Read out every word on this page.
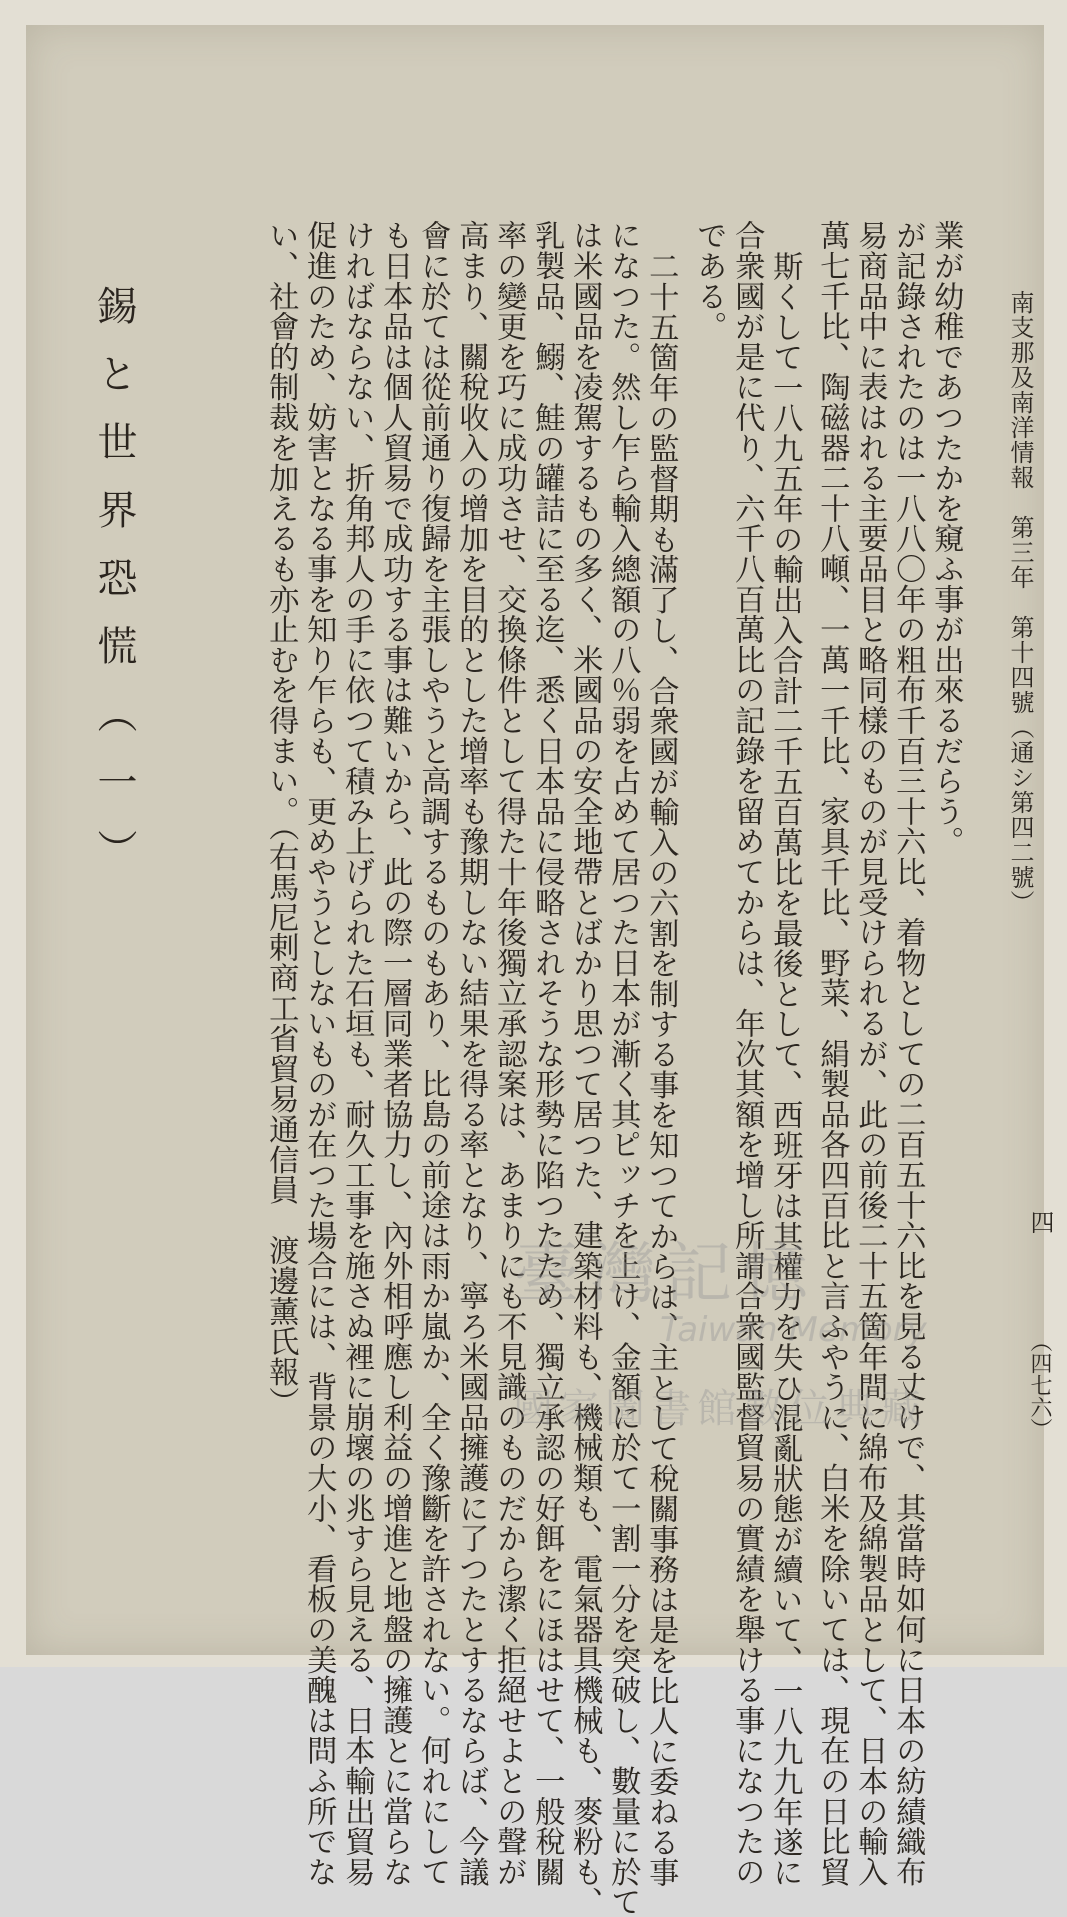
南支那及南洋情報　第三年　第十四號（通シ第四二號）
四
（四七六）
業が幼稚であつたかを窺ふ事が出來るだらう。
が記錄されたのは一八八〇年の粗布千百三十六比、着物としての二百五十六比を見る丈けで、其當時如何に日本の紡績織布
易商品中に表はれる主要品目と略同樣のものが見受けられるが、此の前後二十五箇年間に綿布及綿製品として、日本の輸入
萬七千比、陶磁器二十八噸、一萬一千比、家具千比、野菜、絹製品各四百比と言ふやうに、白米を除いては、現在の日比貿
斯くして一八九五年の輸出入合計二千五百萬比を最後として、西班牙は其權力を失ひ混亂狀態が續いて、一八九九年遂に
合衆國が是に代り、六千八百萬比の記錄を留めてからは、年次其額を增し所謂合衆國監督貿易の實績を舉ける事になつたの
である。
二十五箇年の監督期も滿了し、合衆國が輸入の六割を制する事を知つてからは、主として稅關事務は是を比人に委ねる事
になつた。然し乍ら輸入總額の八％弱を占めて居つた日本が漸く其ピッチを上け、金額に於て一割一分を突破し、數量に於て
は米國品を凌駕するもの多く、米國品の安全地帶とばかり思つて居つた、建築材料も、機械類も、電氣器具機械も、麥粉も、
乳製品、鰯、鮭の罐詰に至る迄、悉く日本品に侵略されそうな形勢に陷つたため、獨立承認の好餌をにほはせて、一般稅關
率の變更を巧に成功させ、交換條件として得た十年後獨立承認案は、あまりにも不見識のものだから潔く拒絕せよとの聲が
高まり、關稅收入の增加を目的とした增率も豫期しない結果を得る率となり、寧ろ米國品擁護に了つたとするならば、今議
會に於ては從前通り復歸を主張しやうと高調するものもあり、比島の前途は雨か嵐か、全く豫斷を許されない。何れにして
も日本品は個人貿易で成功する事は難いから、此の際一層同業者協力し、內外相呼應し利益の增進と地盤の擁護とに當らな
ければならない、折角邦人の手に依つて積み上げられた石垣も、耐久工事を施さぬ裡に崩壞の兆すら見える、日本輸出貿易
促進のため、妨害となる事を知り乍らも、更めやうとしないものが在つた場合には、背景の大小、看板の美醜は問ふ所でな
い、社會的制裁を加えるも亦止むを得まい。（右馬尼剌商工省貿易通信員　渡邊薰氏報）
錫と世界恐慌（一）
臺灣記憶
Taiwan Memory
國家圖書館數位典藏
